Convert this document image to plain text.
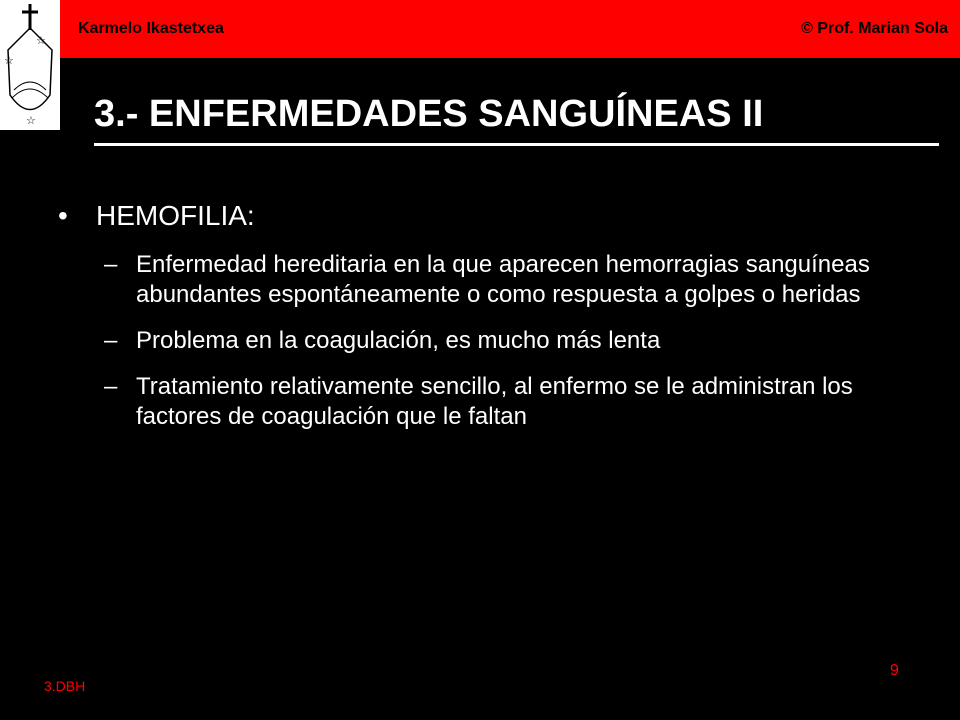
☆
☆
☆
Karmelo Ikastetxea	© Prof. Marian Sola
3.- ENFERMEDADES SANGUÍNEAS II
• HEMOFILIA:
– Enfermedad hereditaria en la que aparecen hemorragias sanguíneas abundantes espontáneamente o como respuesta a golpes o heridas
– Problema en la coagulación, es mucho más lenta
– Tratamiento relativamente sencillo, al enfermo se le administran los factores de coagulación que le faltan
3.DBH
9
